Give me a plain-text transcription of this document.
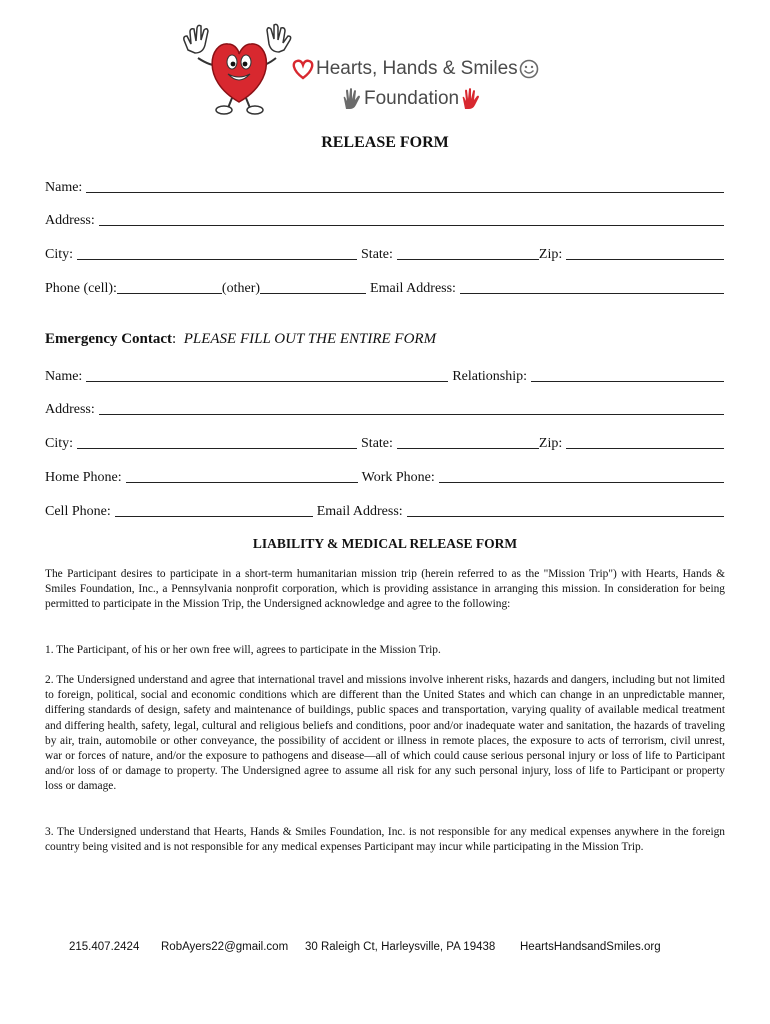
Hearts, Hands & Smiles
Foundation
RELEASE FORM
Name:
Address:
City:	State:	Zip:
Phone (cell):	(other)	Email Address:
Emergency Contact: PLEASE FILL OUT THE ENTIRE FORM
Name:	Relationship:
Address:
City:	State:	Zip:
Home Phone:	Work Phone:
Cell Phone:	Email Address:
LIABILITY & MEDICAL RELEASE FORM
The Participant desires to participate in a short-term humanitarian mission trip (herein referred to as the "Mission Trip") with Hearts, Hands & Smiles Foundation, Inc., a Pennsylvania nonprofit corporation, which is providing assistance in arranging this mission. In consideration for being permitted to participate in the Mission Trip, the Undersigned acknowledge and agree to the following:
1. The Participant, of his or her own free will, agrees to participate in the Mission Trip.
2. The Undersigned understand and agree that international travel and missions involve inherent risks, hazards and dangers, including but not limited to foreign, political, social and economic conditions which are different than the United States and which can change in an unpredictable manner, differing standards of design, safety and maintenance of buildings, public spaces and transportation, varying quality of available medical treatment and differing health, safety, legal, cultural and religious beliefs and conditions, poor and/or inadequate water and sanitation, the hazards of traveling by air, train, automobile or other conveyance, the possibility of accident or illness in remote places, the exposure to acts of terrorism, civil unrest, war or forces of nature, and/or the exposure to pathogens and disease—all of which could cause serious personal injury or loss of life to Participant and/or loss of or damage to property. The Undersigned agree to assume all risk for any such personal injury, loss of life to Participant or property loss or damage.
3. The Undersigned understand that Hearts, Hands & Smiles Foundation, Inc. is not responsible for any medical expenses anywhere in the foreign country being visited and is not responsible for any medical expenses Participant may incur while participating in the Mission Trip.
215.407.2424 RobAyers22@gmail.com 30 Raleigh Ct, Harleysville, PA 19438 HeartsHandsandSmiles.org
